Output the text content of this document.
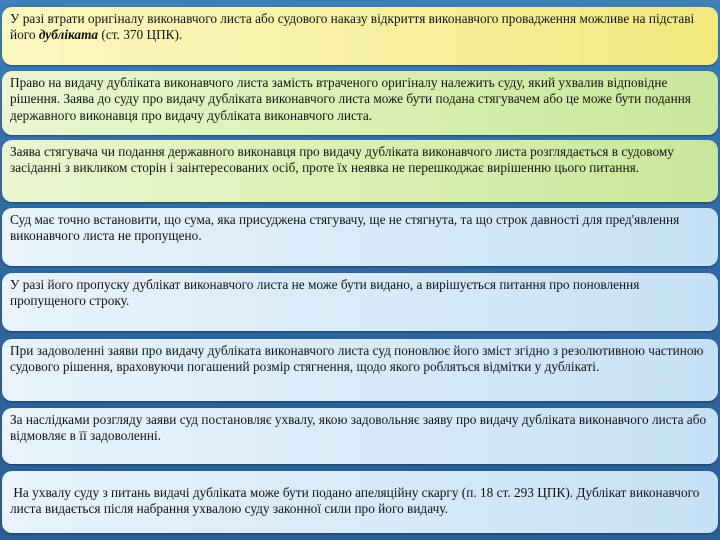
У разі втрати оригіналу виконавчого листа або судового наказу відкриття виконавчого провадження можливе на підставі його дубліката (ст. 370 ЦПК).

Право на видачу дубліката виконавчого листа замість втраченого оригіналу належить суду, який ухвалив відповідне рішення. Заява до суду про видачу дубліката виконавчого листа може бути подана стягувачем або це може бути подання державного виконавця про видачу дубліката виконавчого листа.

Заява стягувача чи подання державного виконавця про видачу дубліката виконавчого листа розглядається в судовому засіданні з викликом сторін і заінтересованих осіб, проте їх неявка не перешкоджає вирішенню цього питання.

Суд має точно встановити, що сума, яка присуджена стягувачу, ще не стягнута, та що строк давності для пред'явлення виконавчого листа не пропущено.

У разі його пропуску дублікат виконавчого листа не може бути видано, а вирішується питання про поновлення пропущеного строку.

При задоволенні заяви про видачу дубліката виконавчого листа суд поновлює його зміст згідно з резолютивною частиною судового рішення, враховуючи погашений розмір стягнення, щодо якого робляться відмітки у дублікаті.

За наслідками розгляду заяви суд постановляє ухвалу, якою задовольняє заяву про видачу дубліката виконавчого листа або відмовляє в її задоволенні.

На ухвалу суду з питань видачі дубліката може бути подано апеляційну скаргу (п. 18 ст. 293 ЦПК). Дублікат виконавчого листа видається після набрання ухвалою суду законної сили про його видачу.
